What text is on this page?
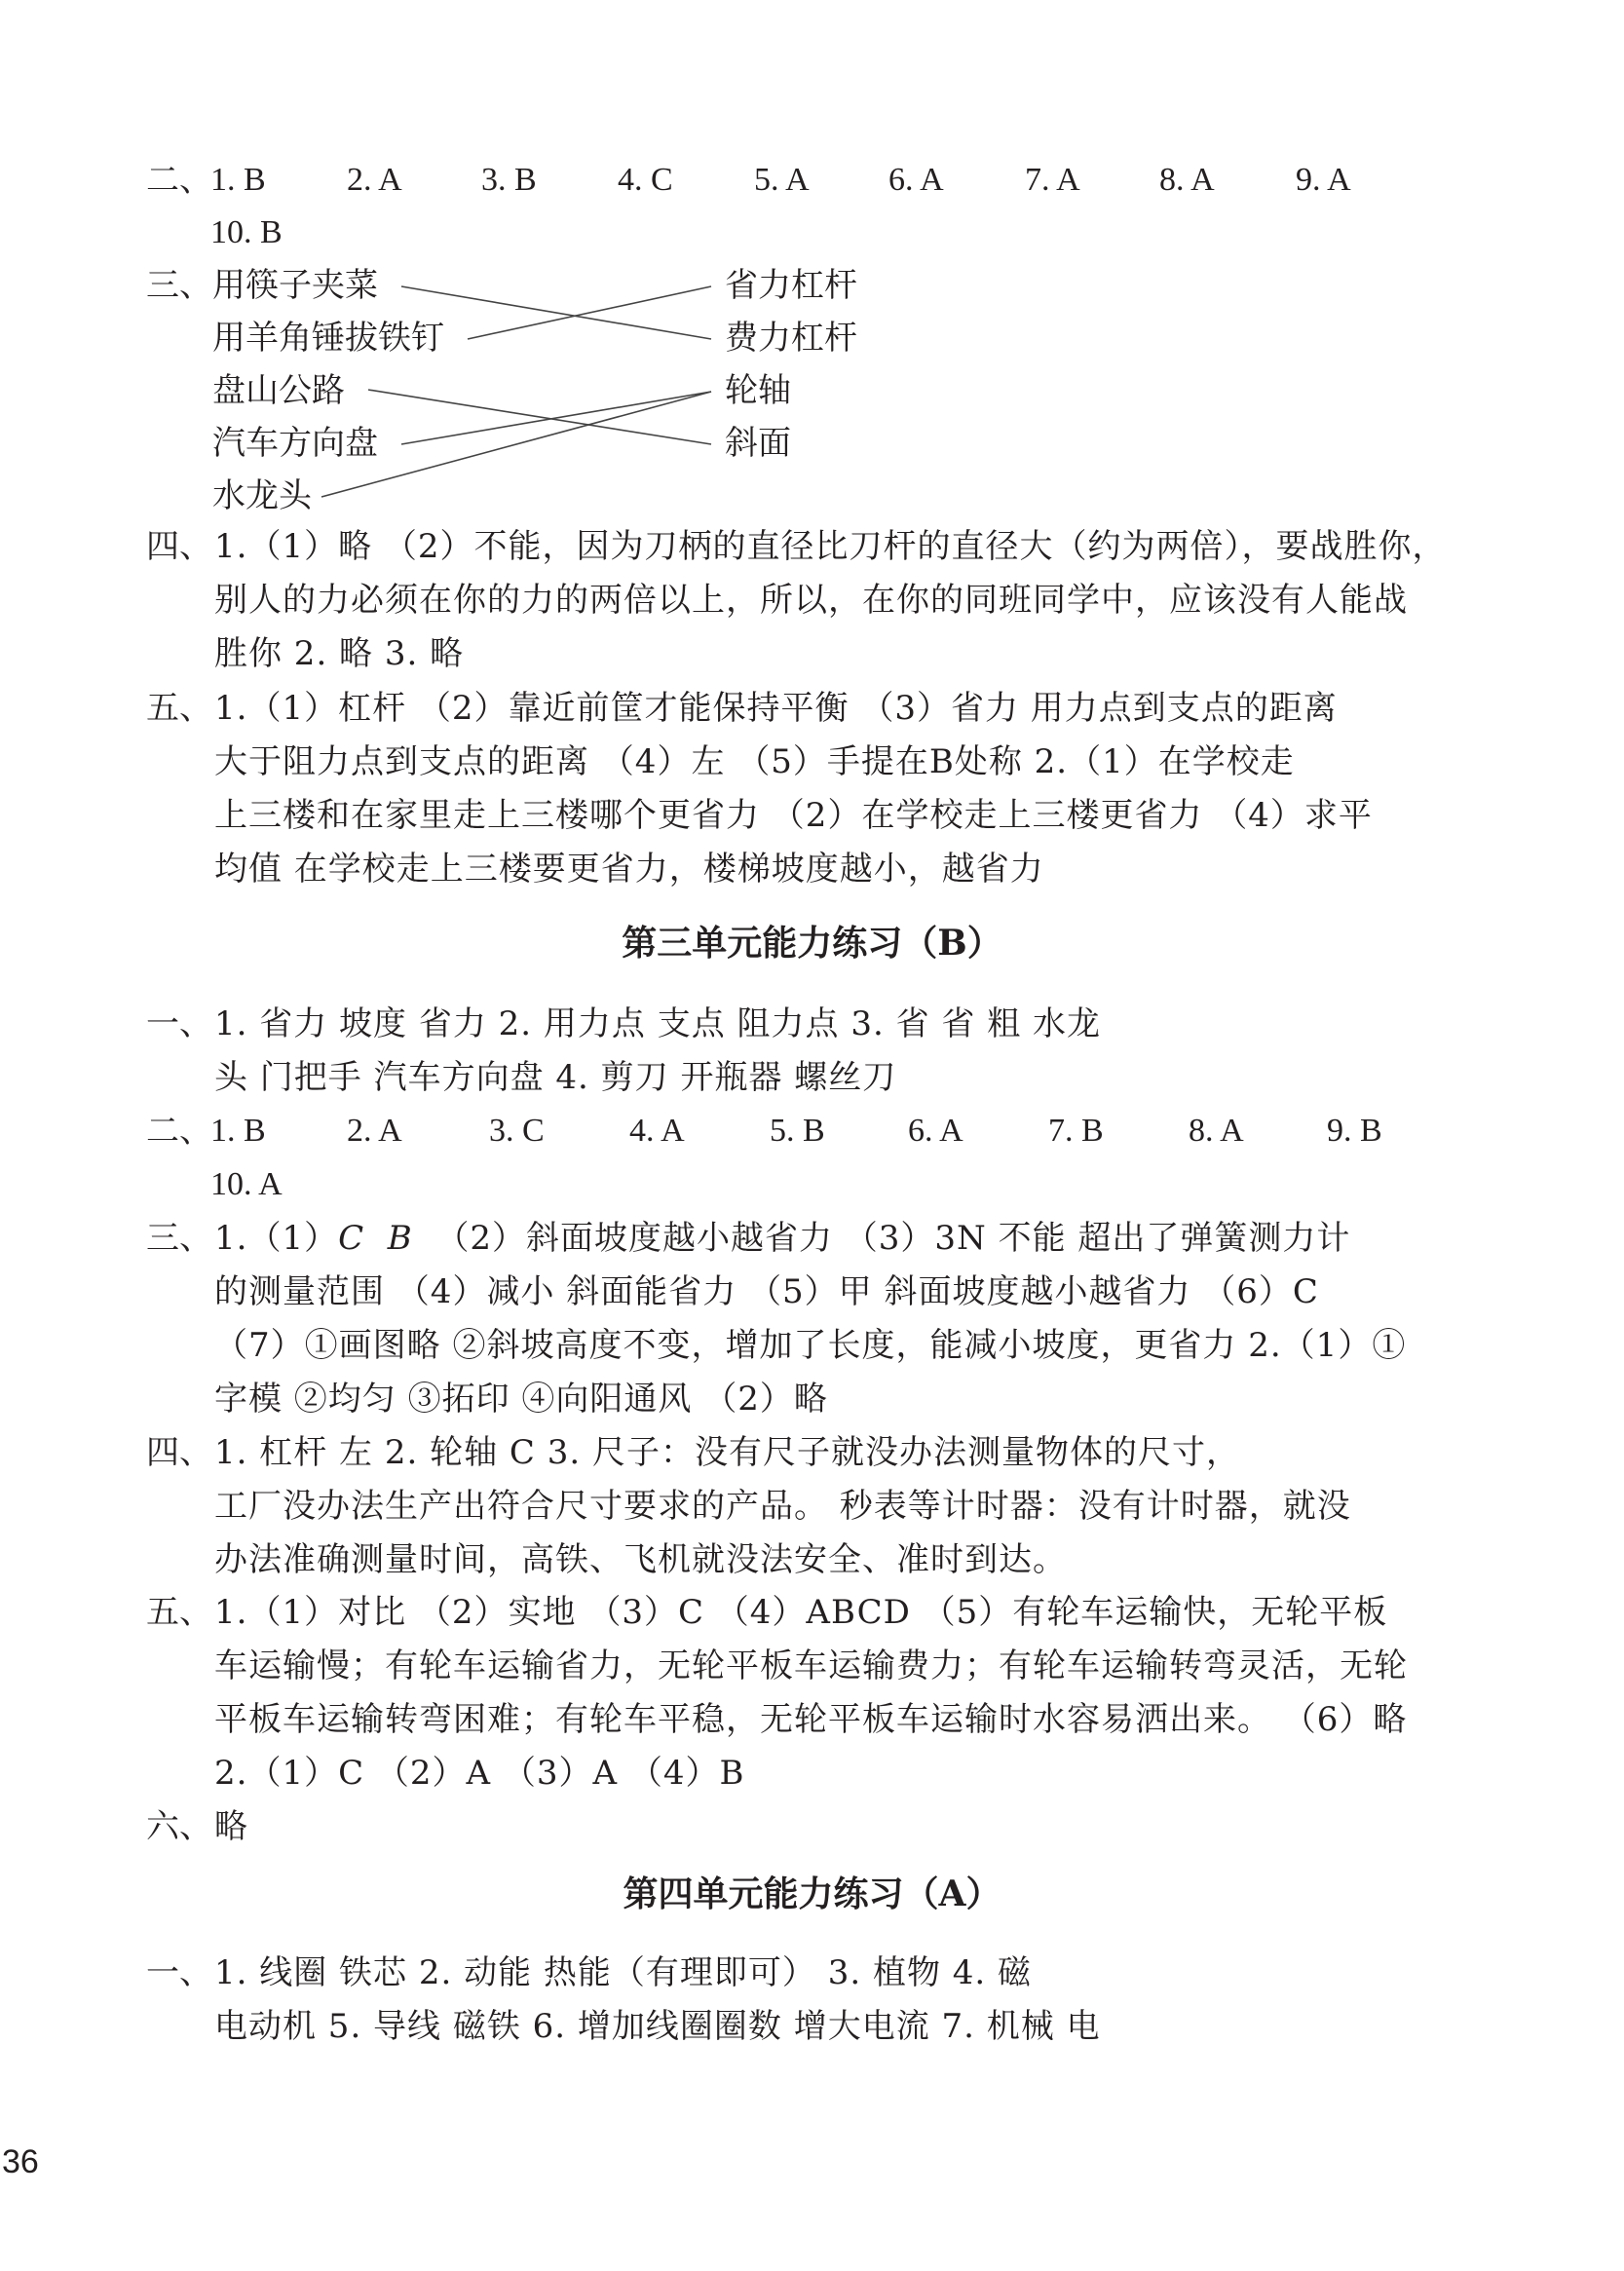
二、
1. B 2. A 3. B 4. C 5. A 6. A 7. A 8. A 9. A
10. B
三、 用筷子夹菜
用羊角锤拔铁钉
盘山公路
汽车方向盘
水龙头
省力杠杆
费力杠杆
轮轴
斜面
四、 1.（1）略 （2）不能，因为刀柄的直径比刀杆的直径大（约为两倍），要战胜你，
别人的力必须在你的力的两倍以上，所以，在你的同班同学中，应该没有人能战
胜你 2. 略 3. 略
五、 1.（1）杠杆 （2）靠近前筐才能保持平衡 （3）省力 用力点到支点的距离
大于阻力点到支点的距离 （4）左 （5）手提在B处称 2.（1）在学校走
上三楼和在家里走上三楼哪个更省力 （2）在学校走上三楼更省力 （4）求平
均值 在学校走上三楼要更省力，楼梯坡度越小，越省力
第三单元能力练习（B）
一、 1. 省力 坡度 省力 2. 用力点 支点 阻力点 3. 省 省 粗 水龙
头 门把手 汽车方向盘 4. 剪刀 开瓶器 螺丝刀
二、
1. B 2. A	3. C	4. A	5. B	6. A	7. B	8. A	9. B
10. A
三、 1.（1）C B （2）斜面坡度越小越省力 （3）3N 不能 超出了弹簧测力计
的测量范围 （4）减小 斜面能省力 （5）甲 斜面坡度越小越省力 （6）C
（7）①画图略 ②斜坡高度不变，增加了长度，能减小坡度，更省力 2.（1）①
字模 ②均匀 ③拓印 ④向阳通风 （2）略
四、 1. 杠杆 左 2. 轮轴 C 3. 尺子：没有尺子就没办法测量物体的尺寸，
工厂没办法生产出符合尺寸要求的产品。 秒表等计时器：没有计时器，就没
办法准确测量时间，高铁、飞机就没法安全、准时到达。
五、 1.（1）对比 （2）实地 （3）C （4）ABCD （5）有轮车运输快，无轮平板
车运输慢；有轮车运输省力，无轮平板车运输费力；有轮车运输转弯灵活，无轮
平板车运输转弯困难；有轮车平稳，无轮平板车运输时水容易洒出来。 （6）略
2.（1）C （2）A （3）A （4）B
六、 略
第四单元能力练习（A）
一、 1. 线圈 铁芯 2. 动能 热能（有理即可） 3. 植物 4. 磁
电动机 5. 导线 磁铁 6. 增加线圈圈数 增大电流 7. 机械 电
36
